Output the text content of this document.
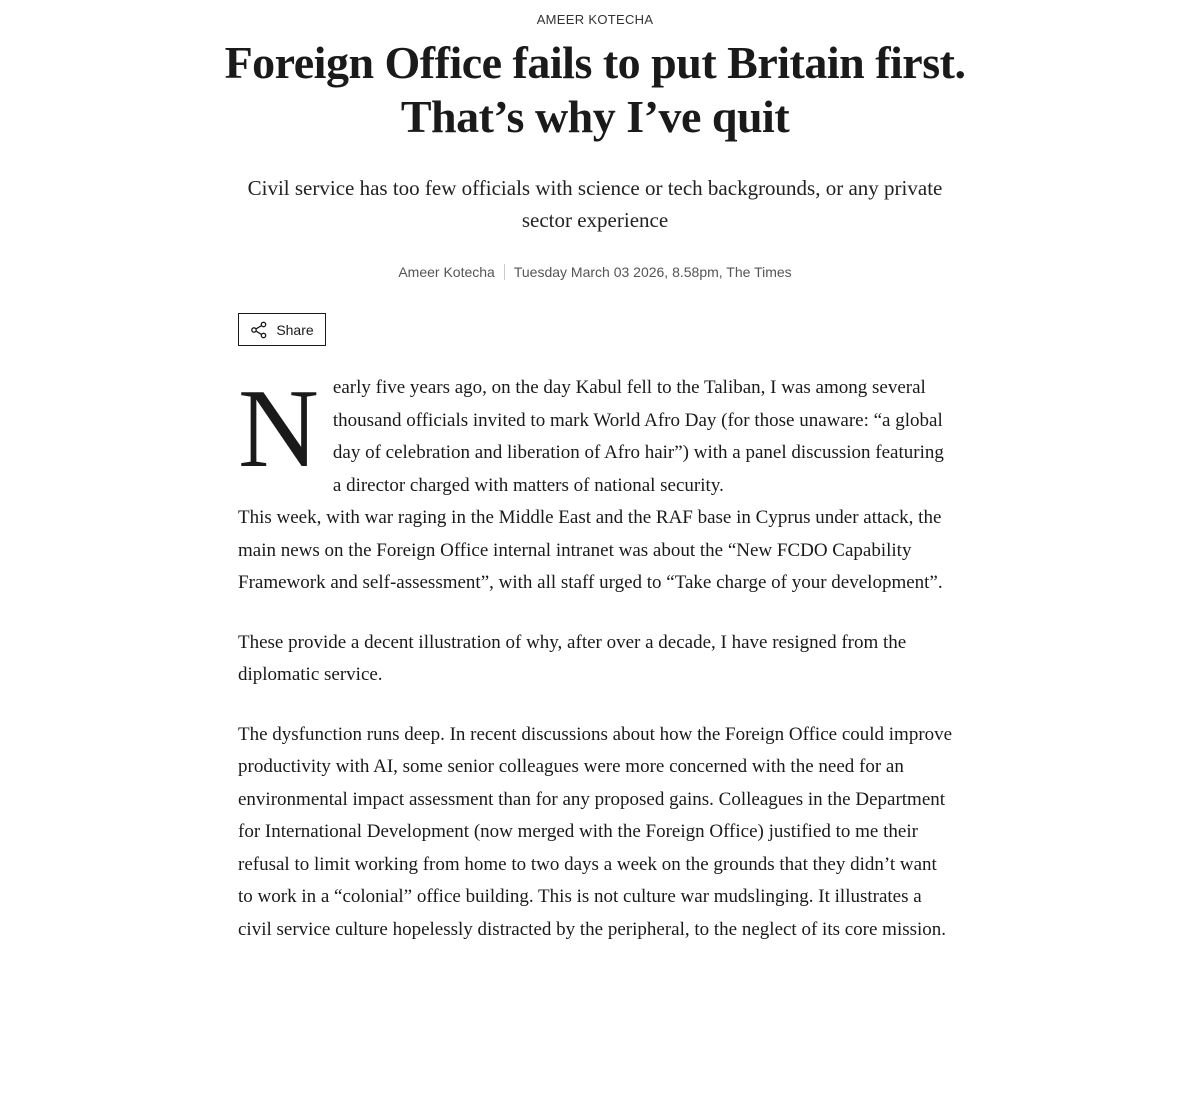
AMEER KOTECHA
Foreign Office fails to put Britain first. That’s why I’ve quit

Civil service has too few officials with science or tech backgrounds, or any private sector experience

Ameer Kotecha Tuesday March 03 2026, 8.58pm, The Times
Share

Nearly five years ago, on the day Kabul fell to the Taliban, I was among several thousand officials invited to mark World Afro Day (for those unaware: “a global day of celebration and liberation of Afro hair”) with a panel discussion featuring a director charged with matters of national security.

This week, with war raging in the Middle East and the RAF base in Cyprus under attack, the main news on the Foreign Office internal intranet was about the “New FCDO Capability Framework and self-assessment”, with all staff urged to “Take charge of your development”.

These provide a decent illustration of why, after over a decade, I have resigned from the diplomatic service.

The dysfunction runs deep. In recent discussions about how the Foreign Office could improve productivity with AI, some senior colleagues were more concerned with the need for an environmental impact assessment than for any proposed gains. Colleagues in the Department for International Development (now merged with the Foreign Office) justified to me their refusal to limit working from home to two days a week on the grounds that they didn’t want to work in a “colonial” office building. This is not culture war mudslinging. It illustrates a civil service culture hopelessly distracted by the peripheral, to the neglect of its core mission.
